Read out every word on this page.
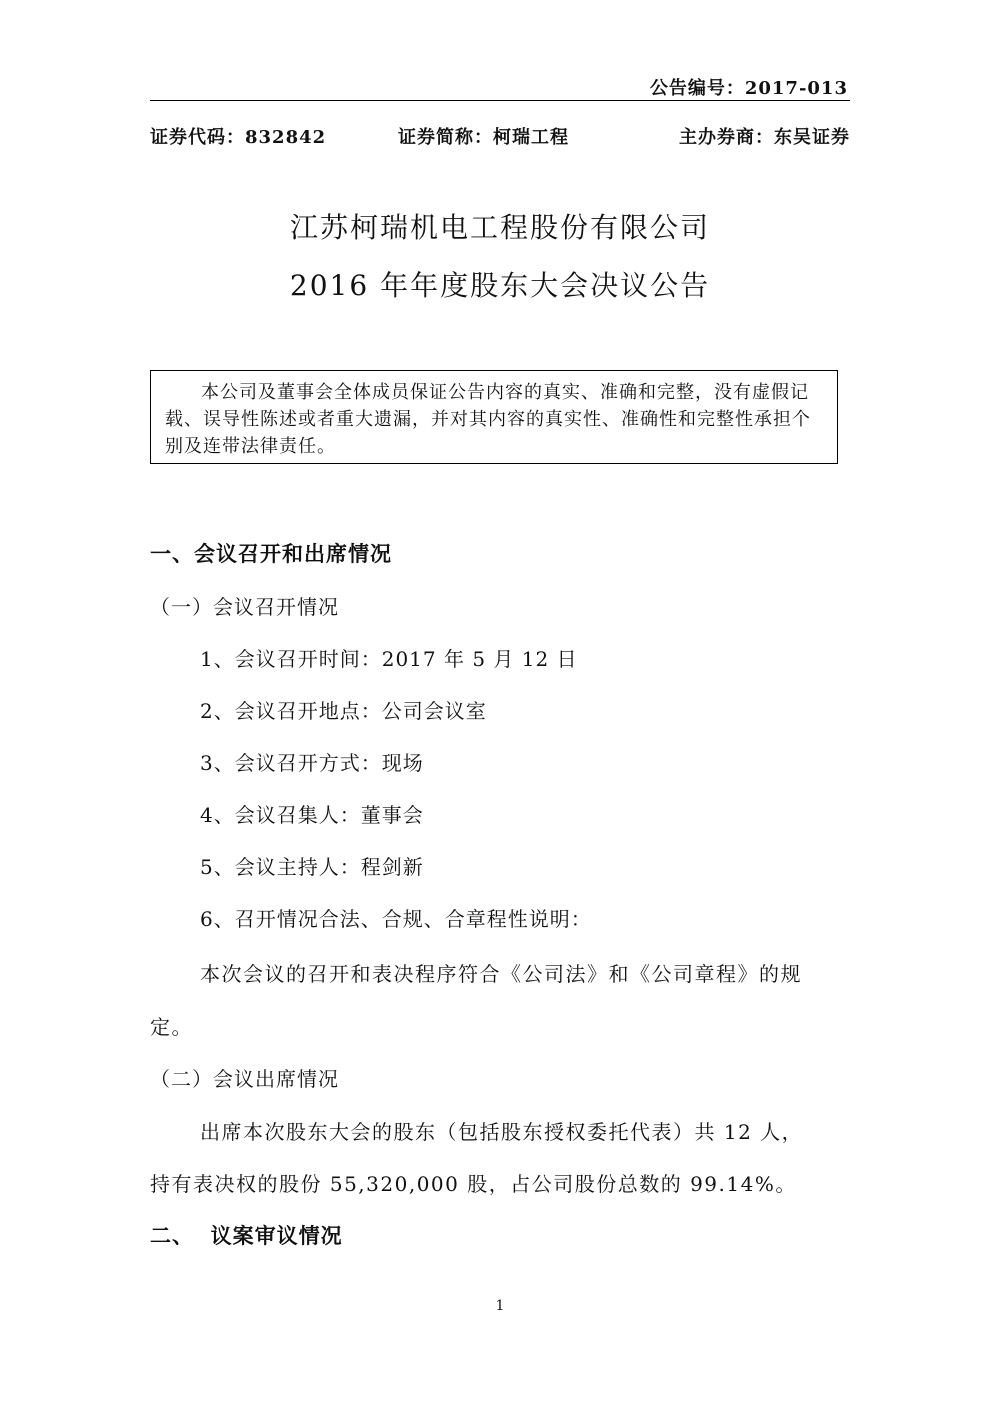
公告编号：2017-013
证券代码：832842	证券简称：柯瑞工程	主办券商：东吴证券
江苏柯瑞机电工程股份有限公司
2016 年年度股东大会决议公告
本公司及董事会全体成员保证公告内容的真实、准确和完整，没有虚假记载、误导性陈述或者重大遗漏，并对其内容的真实性、准确性和完整性承担个别及连带法律责任。
一、会议召开和出席情况
（一）会议召开情况
1、会议召开时间：2017 年 5 月 12 日
2、会议召开地点：公司会议室
3、会议召开方式：现场
4、会议召集人：董事会
5、会议主持人：程剑新
6、召开情况合法、合规、合章程性说明：
本次会议的召开和表决程序符合《公司法》和《公司章程》的规
定。
（二）会议出席情况
出席本次股东大会的股东（包括股东授权委托代表）共 12 人，
持有表决权的股份 55,320,000 股，占公司股份总数的 99.14%。
二、  议案审议情况
1
